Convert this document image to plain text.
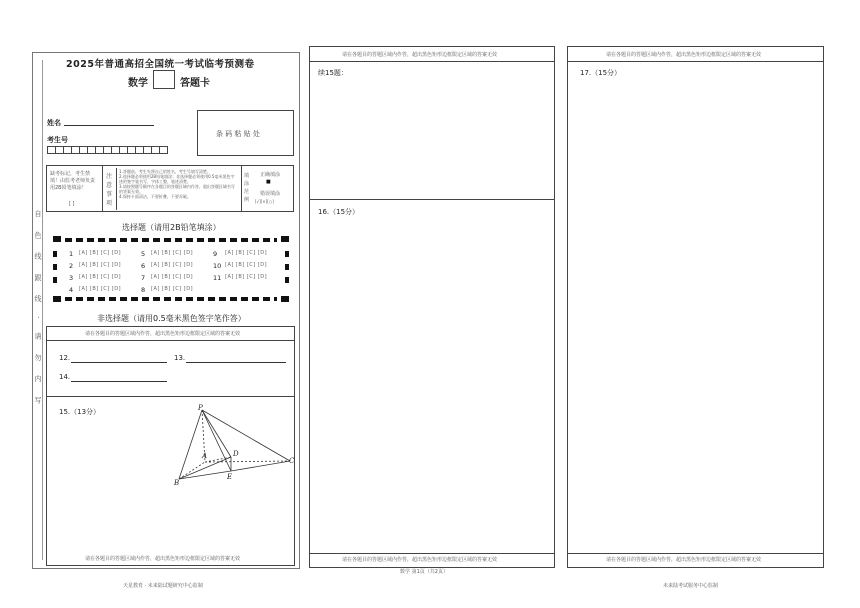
自 色 线 跟 线 · 请 勿 内 写
2025年普通高招全国统一考试临考预测卷
数学	答题卡
姓名
考生号
条 码 粘 贴 处
缺考标记，考生禁填！由监考老师负责用2B铅笔填涂！
[ ]
注意事项
1.答题前，考生先将自己的姓名、考生号填写清楚。
2.选择题必须使用2B铅笔填涂；非选择题必须使用0.5毫米黑色字迹的签字笔书写，字体工整、笔迹清楚。
3.请按照题号顺序在各题目的答题区域内作答，超出答题区域书写的答案无效。
4.保持卡面清洁，不要折叠、不要弄破。
填涂范例
正确填涂
■
错误填涂
[√][×][○]
选择题（请用2B铅笔填涂）
1	[A] [B] [C] [D]	5	[A] [B] [C] [D]	9	[A] [B] [C] [D]
2	[A] [B] [C] [D]	6	[A] [B] [C] [D]	10 [A] [B] [C] [D]
3	[A] [B] [C] [D]	7	[A] [B] [C] [D]	11 [A] [B] [C] [D]
4	[A] [B] [C] [D]	8	[A] [B] [C] [D]
非选择题（请用0.5毫米黑色签字笔作答）
请在各题目的答题区域内作答，超出黑色矩形边框限定区域的答案无效
12.	13.
14.
15.（13分）	P
A	D
C
B
E
请在各题目的答题区域内作答，超出黑色矩形边框限定区域的答案无效
请在各题目的答题区域内作答，超出黑色矩形边框限定区域的答案无效
续15题：
16.（15分）
请在各题目的答题区域内作答，超出黑色矩形边框限定区域的答案无效
请在各题目的答题区域内作答，超出黑色矩形边框限定区域的答案无效
17.（15分）
请在各题目的答题区域内作答，超出黑色矩形边框限定区域的答案无效
天星教育 · 未来陆试题研究中心监制
数学 第1页（共2页）
未来陆考试服务中心监制
